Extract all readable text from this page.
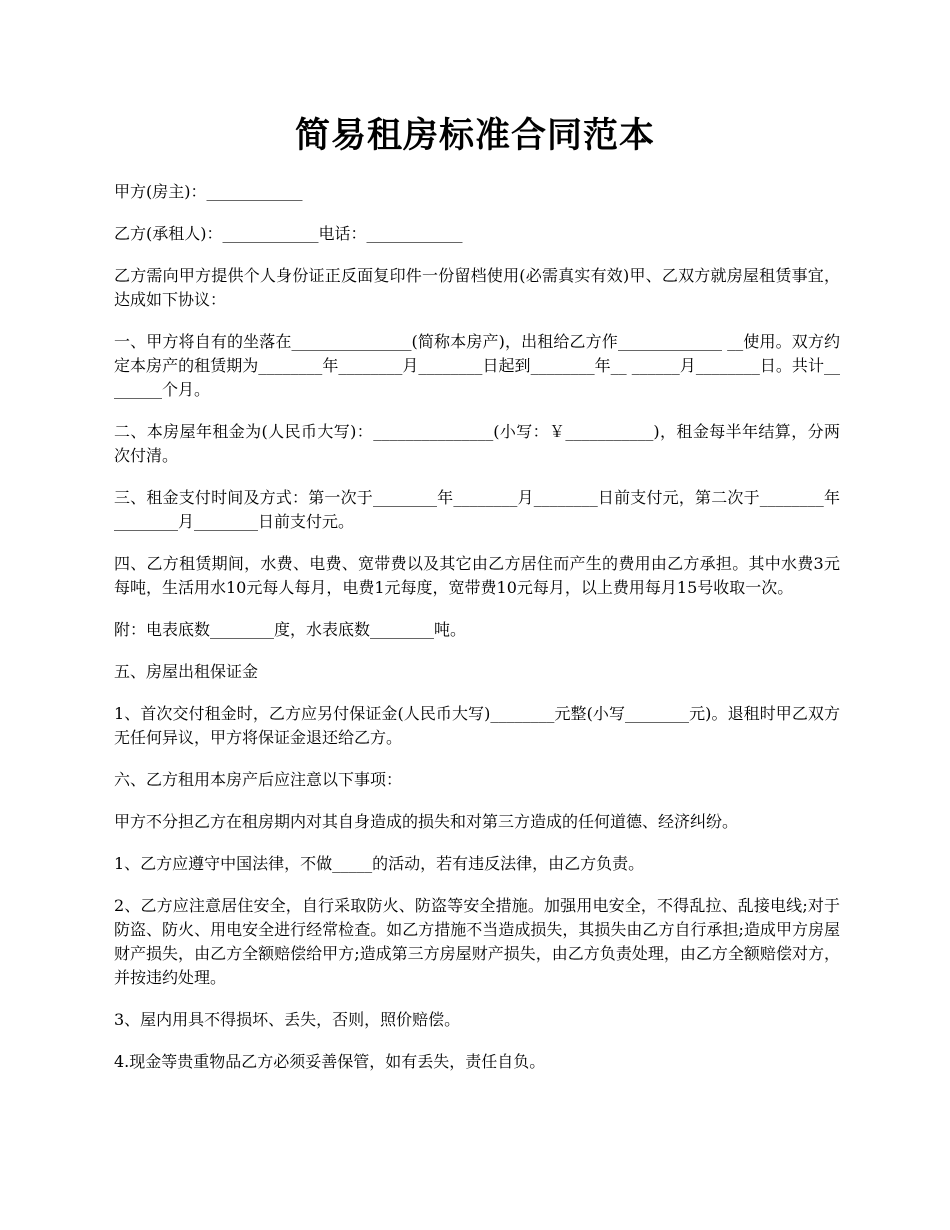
简易租房标准合同范本

甲方(房主)：____________

乙方(承租人)：____________电话：____________

乙方需向甲方提供个人身份证正反面复印件一份留档使用(必需真实有效)甲、乙双方就房屋租赁事宜，达成如下协议：

一、甲方将自有的坐落在_______________(简称本房产)，出租给乙方作_____________ __使用。双方约定本房产的租赁期为________年________月________日起到________年__ ______月________日。共计________个月。

二、本房屋年租金为(人民币大写)：_______________(小写：￥___________)，租金每半年结算，分两次付清。

三、租金支付时间及方式：第一次于________年________月________日前支付元，第二次于________年________月________日前支付元。

四、乙方租赁期间，水费、电费、宽带费以及其它由乙方居住而产生的费用由乙方承担。其中水费3元每吨，生活用水10元每人每月，电费1元每度，宽带费10元每月，以上费用每月15号收取一次。

附：电表底数________度，水表底数________吨。

五、房屋出租保证金

1、首次交付租金时，乙方应另付保证金(人民币大写)________元整(小写________元)。退租时甲乙双方无任何异议，甲方将保证金退还给乙方。

六、乙方租用本房产后应注意以下事项：

甲方不分担乙方在租房期内对其自身造成的损失和对第三方造成的任何道德、经济纠纷。

1、乙方应遵守中国法律，不做_____的活动，若有违反法律，由乙方负责。

2、乙方应注意居住安全，自行采取防火、防盗等安全措施。加强用电安全，不得乱拉、乱接电线;对于防盗、防火、用电安全进行经常检查。如乙方措施不当造成损失，其损失由乙方自行承担;造成甲方房屋财产损失，由乙方全额赔偿给甲方;造成第三方房屋财产损失，由乙方负责处理，由乙方全额赔偿对方，并按违约处理。

3、屋内用具不得损坏、丢失，否则，照价赔偿。

4.现金等贵重物品乙方必须妥善保管，如有丢失，责任自负。
